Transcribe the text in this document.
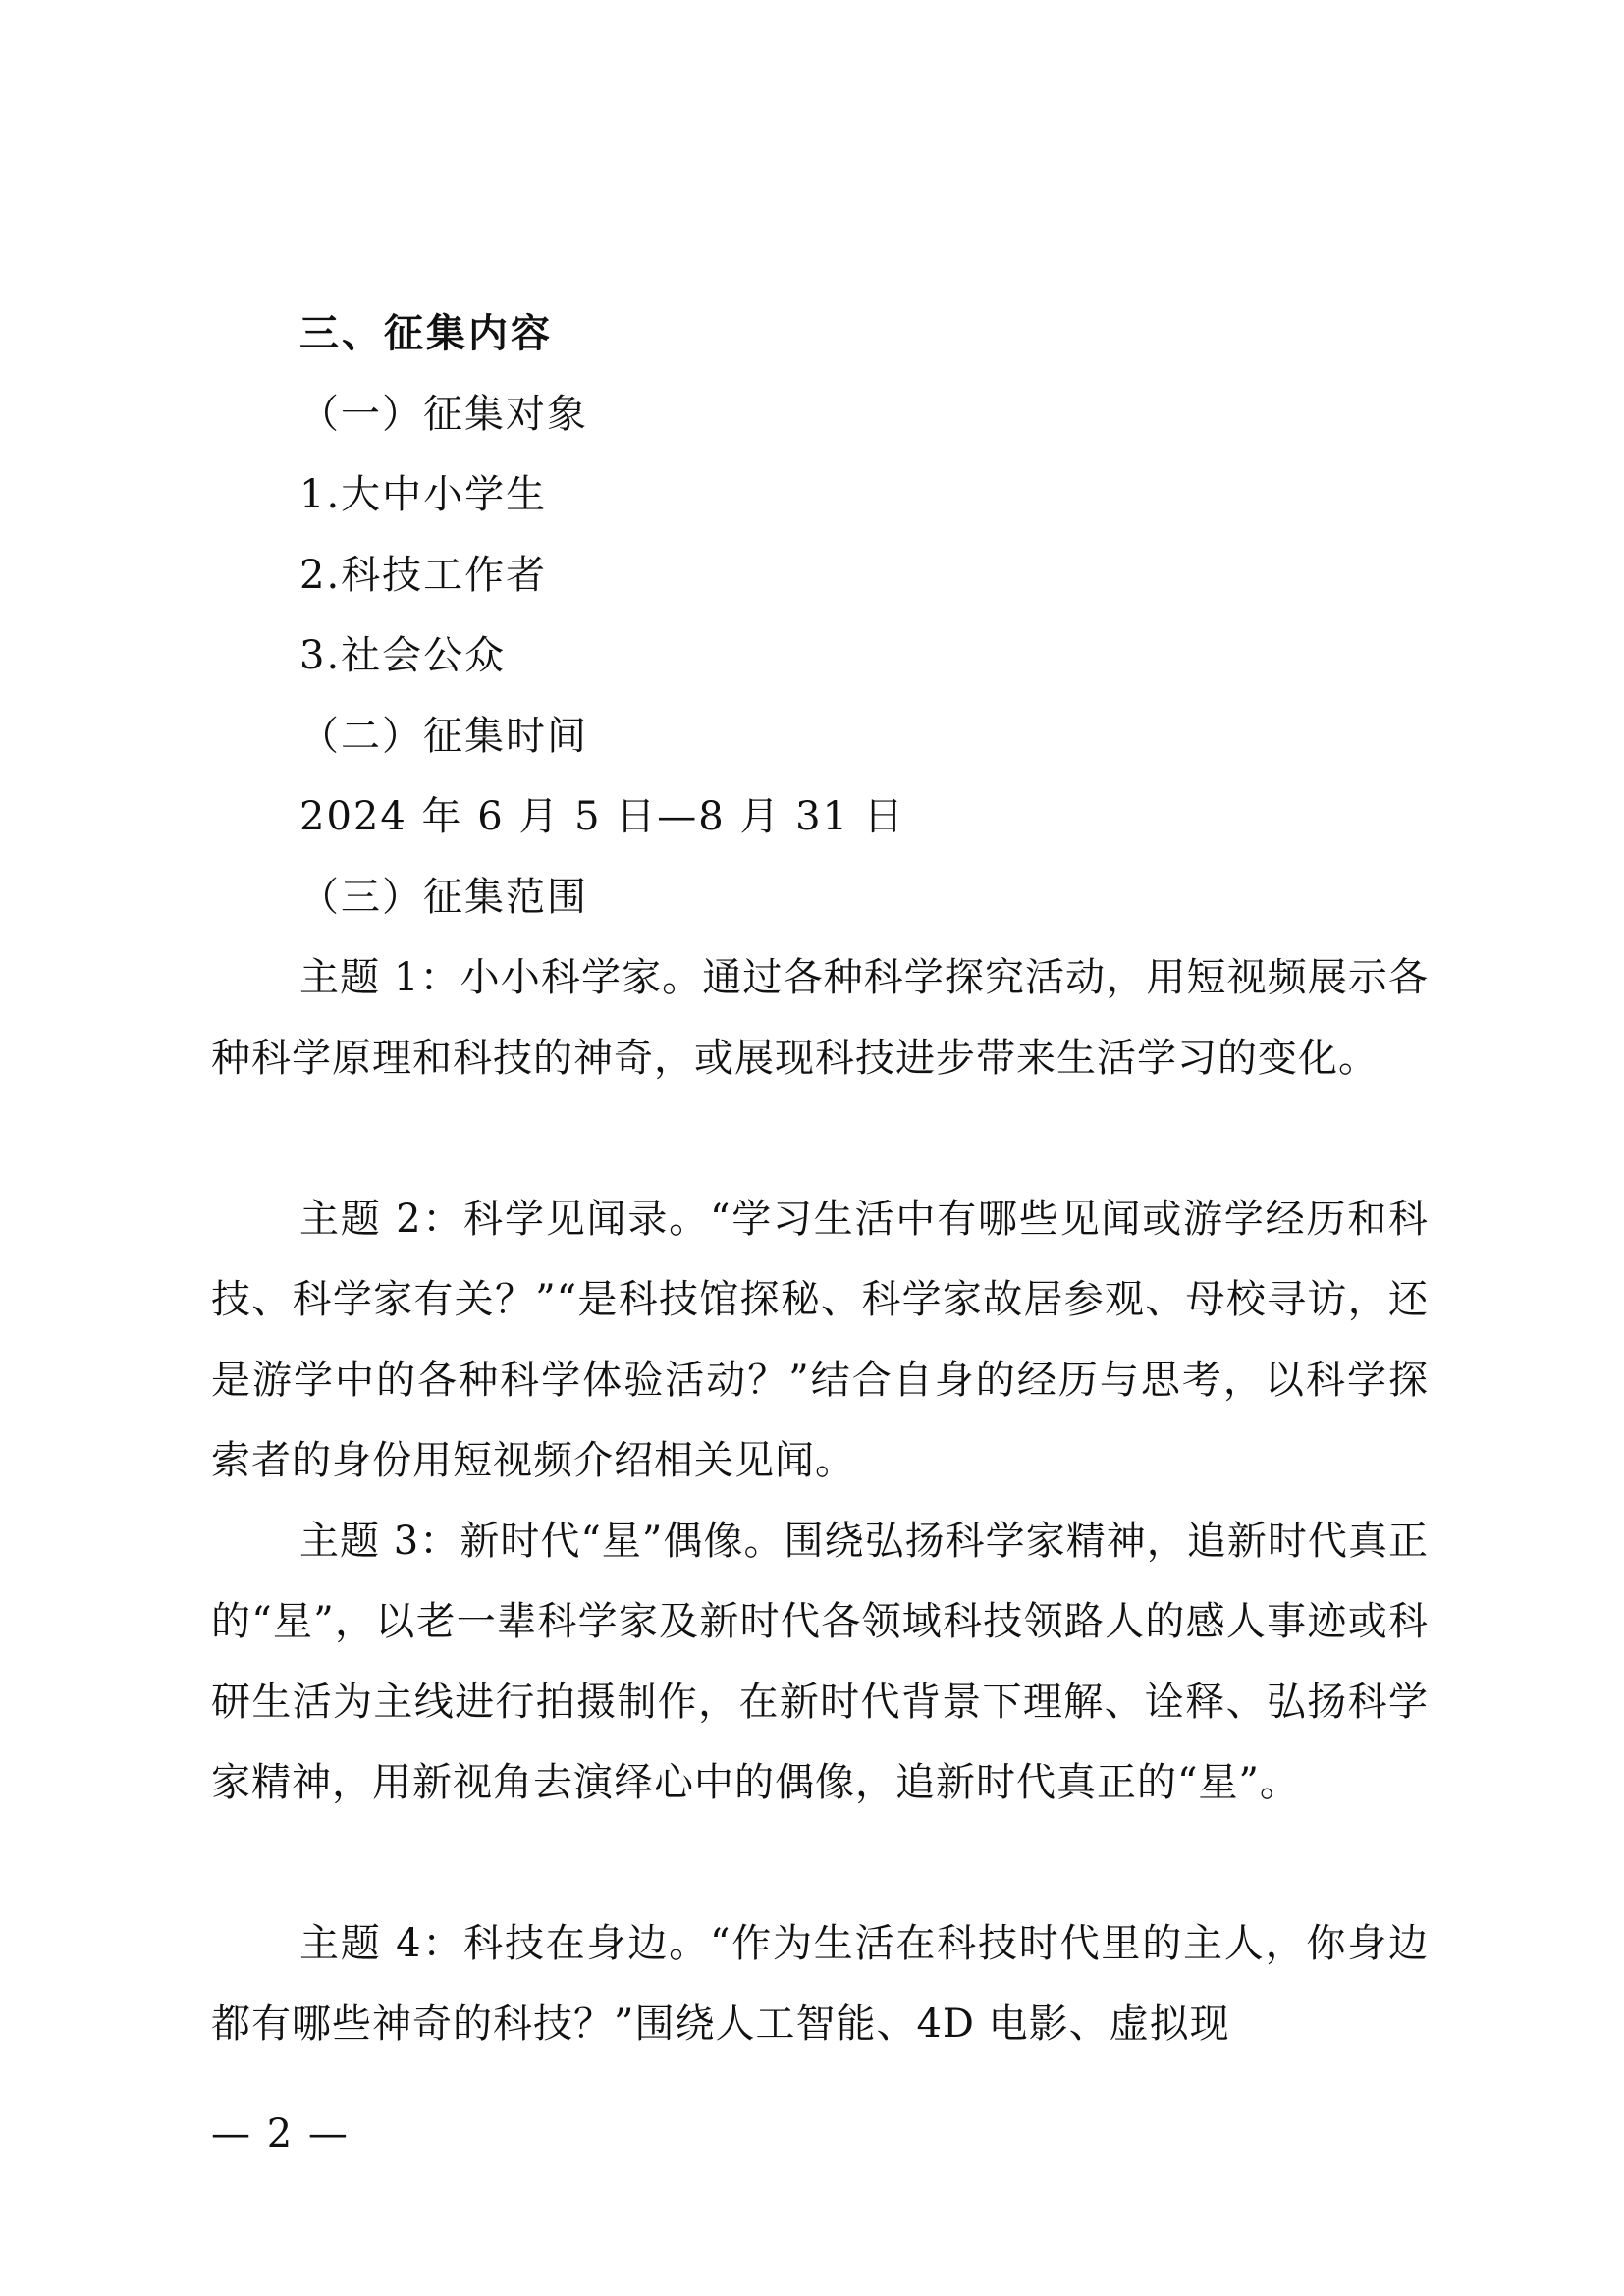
三、征集内容
（一）征集对象
1.大中小学生
2.科技工作者
3.社会公众
（二）征集时间
2024 年 6 月 5 日—8 月 31 日
（三）征集范围
主题 1：小小科学家。通过各种科学探究活动，用短视频展示各种科学原理和科技的神奇，或展现科技进步带来生活学习的变化。
主题 2：科学见闻录。“学习生活中有哪些见闻或游学经历和科技、科学家有关？”“是科技馆探秘、科学家故居参观、母校寻访，还是游学中的各种科学体验活动？”结合自身的经历与思考，以科学探索者的身份用短视频介绍相关见闻。
主题 3：新时代“星”偶像。围绕弘扬科学家精神，追新时代真正的“星”，以老一辈科学家及新时代各领域科技领路人的感人事迹或科研生活为主线进行拍摄制作，在新时代背景下理解、诠释、弘扬科学家精神，用新视角去演绎心中的偶像，追新时代真正的“星”。
主题 4：科技在身边。“作为生活在科技时代里的主人，你身边都有哪些神奇的科技？”围绕人工智能、4D 电影、虚拟现
— 2 —
